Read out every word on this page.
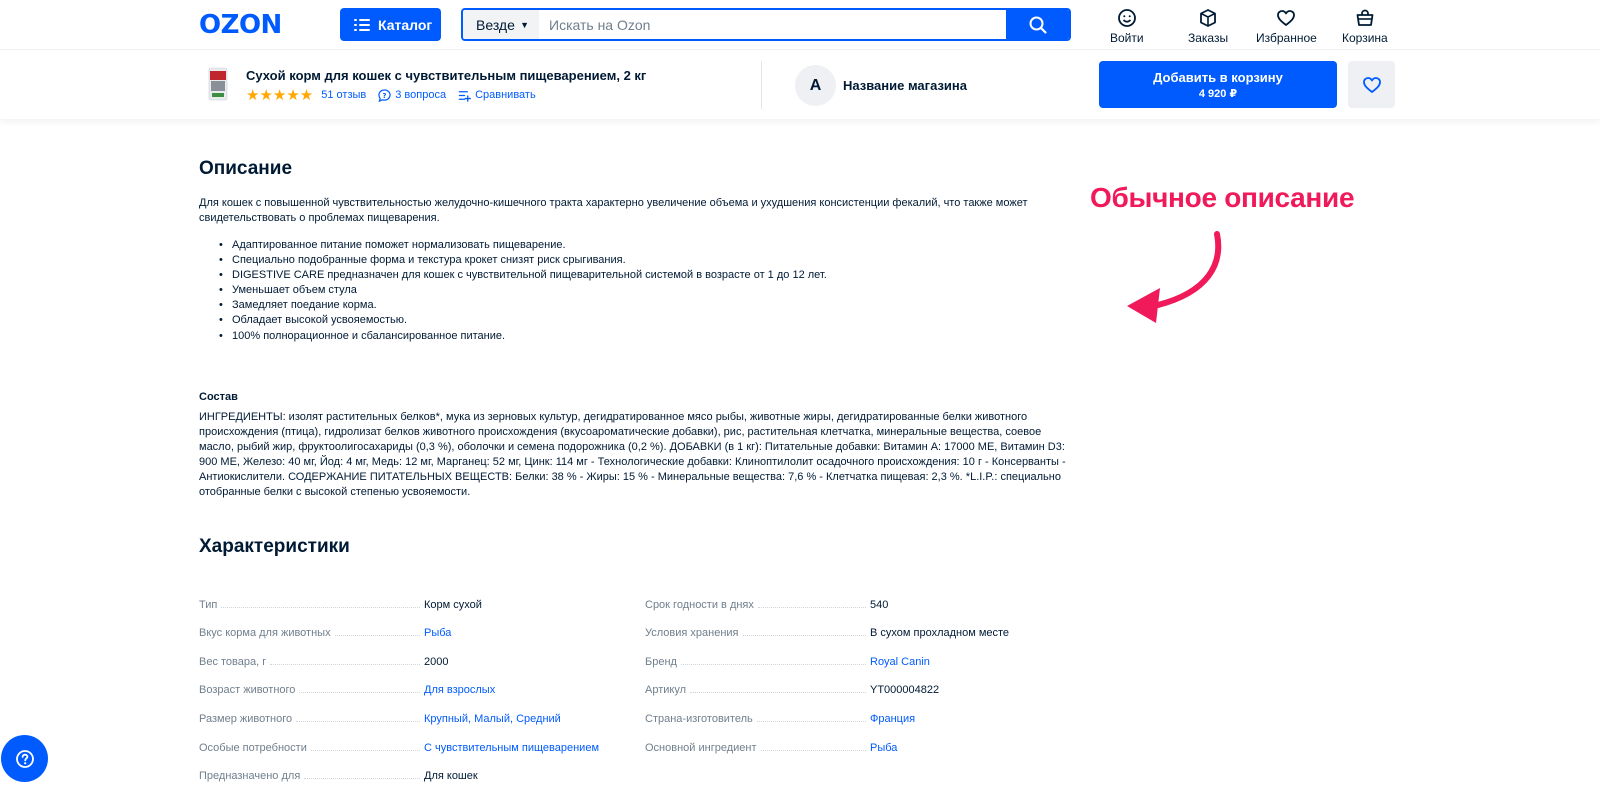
OZON	Каталог	Везде ▼
Искать на Ozon
Войти	Заказы Избранное Корзина
Сухой корм для кошек с чувствительным пищеварением, 2 кг
★★★★★ 51 отзыв ? 3 вопроса	Сравнивать
A	Название магазина
Добавить в корзину
4 920 ₽
Описание
Для кошек с повышенной чувствительностью желудочно-кишечного тракта характерно увеличение объема и ухудшения консистенции фекалий, что также может свидетельствовать о проблемах пищеварения.
• Адаптированное питание поможет нормализовать пищеварение.
• Специально подобранные форма и текстура крокет снизят риск срыгивания.
• DIGESTIVE CARE предназначен для кошек с чувствительной пищеварительной системой в возрасте от 1 до 12 лет.
• Уменьшает объем стула
• Замедляет поедание корма.
• Обладает высокой усвояемостью.
• 100% полнорационное и сбалансированное питание.
Состав
ИНГРЕДИЕНТЫ: изолят растительных белков*, мука из зерновых культур, дегидратированное мясо рыбы, животные жиры, дегидратированные белки животного происхождения (птица), гидролизат белков животного происхождения (вкусоароматические добавки), рис, растительная клетчатка, минеральные вещества, соевое масло, рыбий жир, фруктоолигосахариды (0,3 %), оболочки и семена подорожника (0,2 %). ДОБАВКИ (в 1 кг): Питательные добавки: Витамин A: 17000 МЕ, Витамин D3: 900 МЕ, Железо: 40 мг, Йод: 4 мг, Медь: 12 мг, Марганец: 52 мг, Цинк: 114 мг - Технологические добавки: Клиноптилолит осадочного происхождения: 10 г - Консерванты - Антиокислители. СОДЕРЖАНИЕ ПИТАТЕЛЬНЫХ ВЕЩЕСТВ: Белки: 38 % - Жиры: 15 % - Минеральные вещества: 7,6 % - Клетчатка пищевая: 2,3 %. *L.I.P.: специально отобранные белки с высокой степенью усвояемости.
Обычное описание
Характеристики
Тип	Корм сухой
Вкус корма для животных	Рыба
Вес товара, г	2000
Возраст животного	Для взрослых
Размер животного	Крупный, Малый, Средний
Особые потребности	С чувствительным пищеварением
Предназначено для	Для кошек
Срок годности в днях	540
Условия хранения	В сухом прохладном месте
Бренд	Royal Canin
Артикул	YT000004822
Страна-изготовитель	Франция
Основной ингредиент	Рыба
